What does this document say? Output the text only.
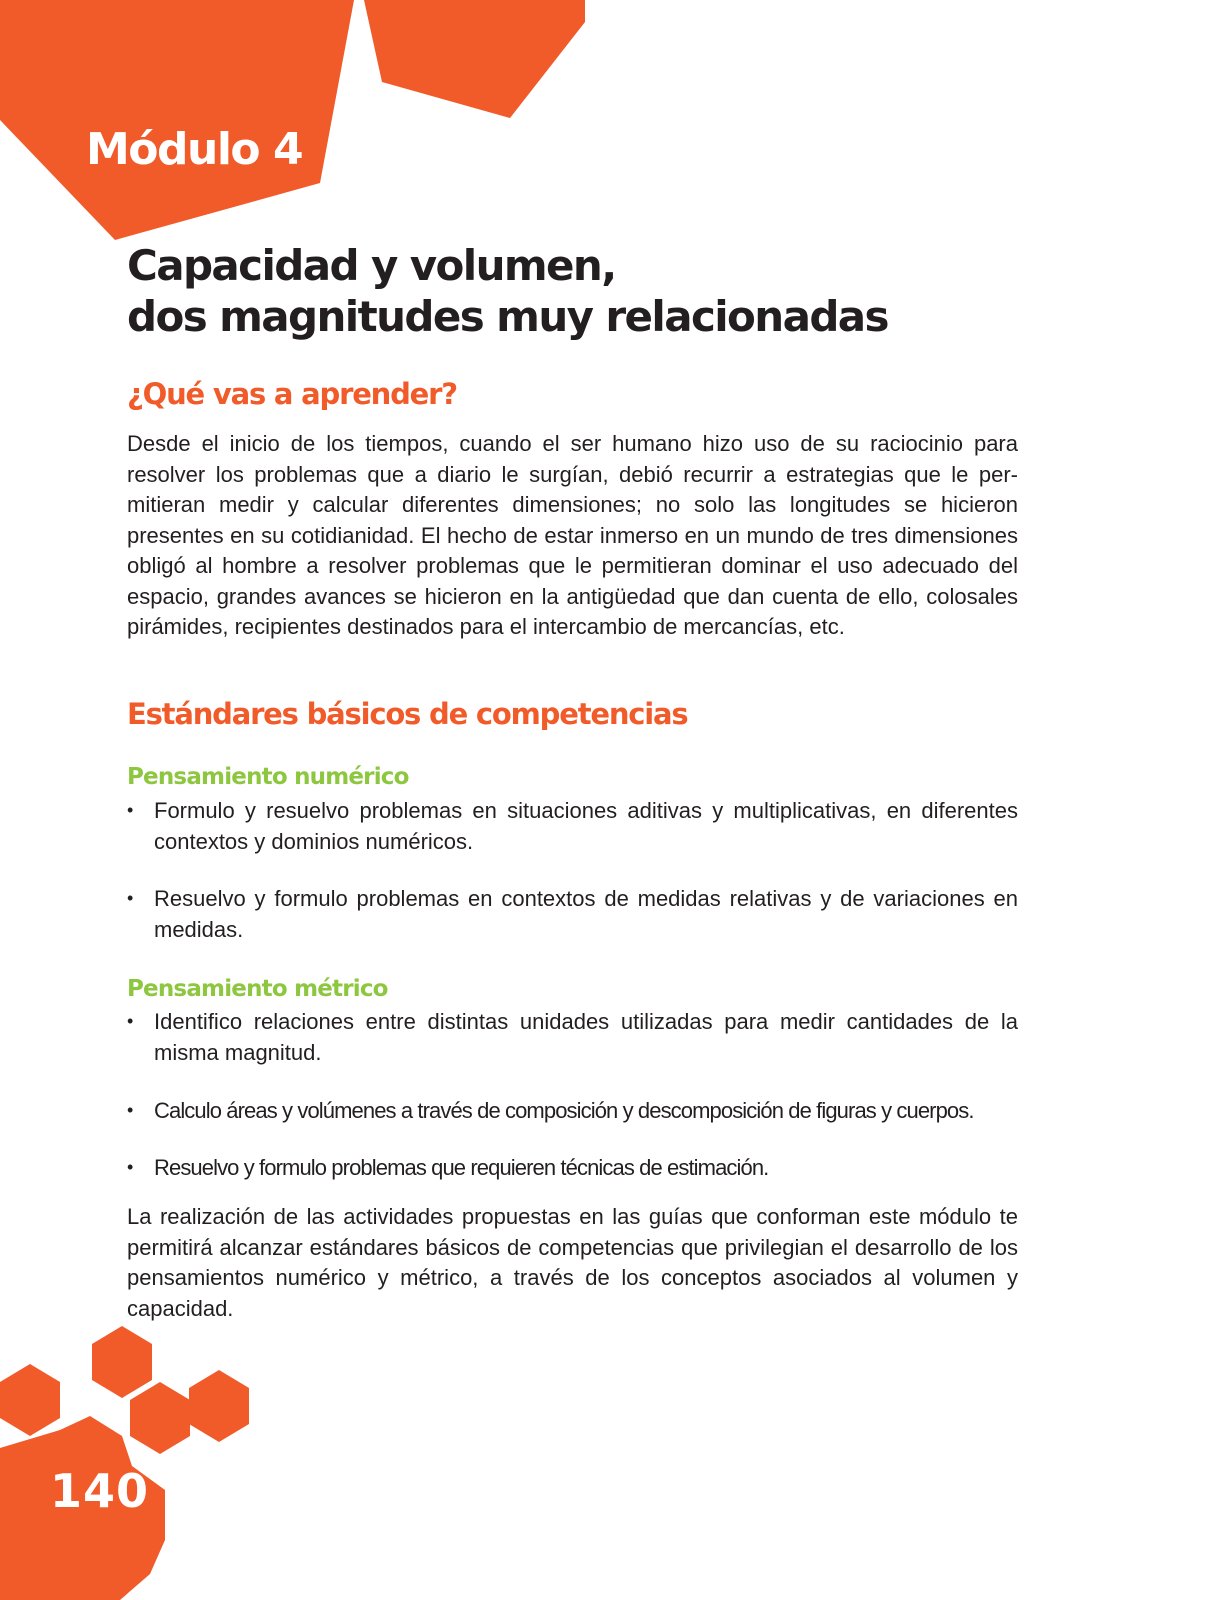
Módulo 4
Capacidad y volumen,
dos magnitudes muy relacionadas
¿Qué vas a aprender?

Desde el inicio de los tiempos, cuando el ser humano hizo uso de su raciocinio para resolver los problemas que a diario le surgían, debió recurrir a estrategias que le permitieran medir y calcular diferentes dimensiones; no solo las longitudes se hicieron presentes en su cotidianidad. El hecho de estar inmerso en un mundo de tres dimensiones obligó al hombre a resolver problemas que le permitieran dominar el uso adecuado del espacio, grandes avances se hicieron en la antigüedad que dan cuenta de ello, colosales pirámides, recipientes destinados para el intercambio de mercancías, etc.

Estándares básicos de competencias
Pensamiento numérico
• Formulo y resuelvo problemas en situaciones aditivas y multiplicativas, en diferentes contextos y dominios numéricos.
• Resuelvo y formulo problemas en contextos de medidas relativas y de variaciones en medidas.
Pensamiento métrico
• Identifico relaciones entre distintas unidades utilizadas para medir cantidades de la misma magnitud.
• Calculo áreas y volúmenes a través de composición y descomposición de figuras y cuerpos.
• Resuelvo y formulo problemas que requieren técnicas de estimación.

La realización de las actividades propuestas en las guías que conforman este módulo te permitirá alcanzar estándares básicos de competencias que privilegian el desarrollo de los pensamientos numérico y métrico, a través de los conceptos asociados al volumen y capacidad.

140
